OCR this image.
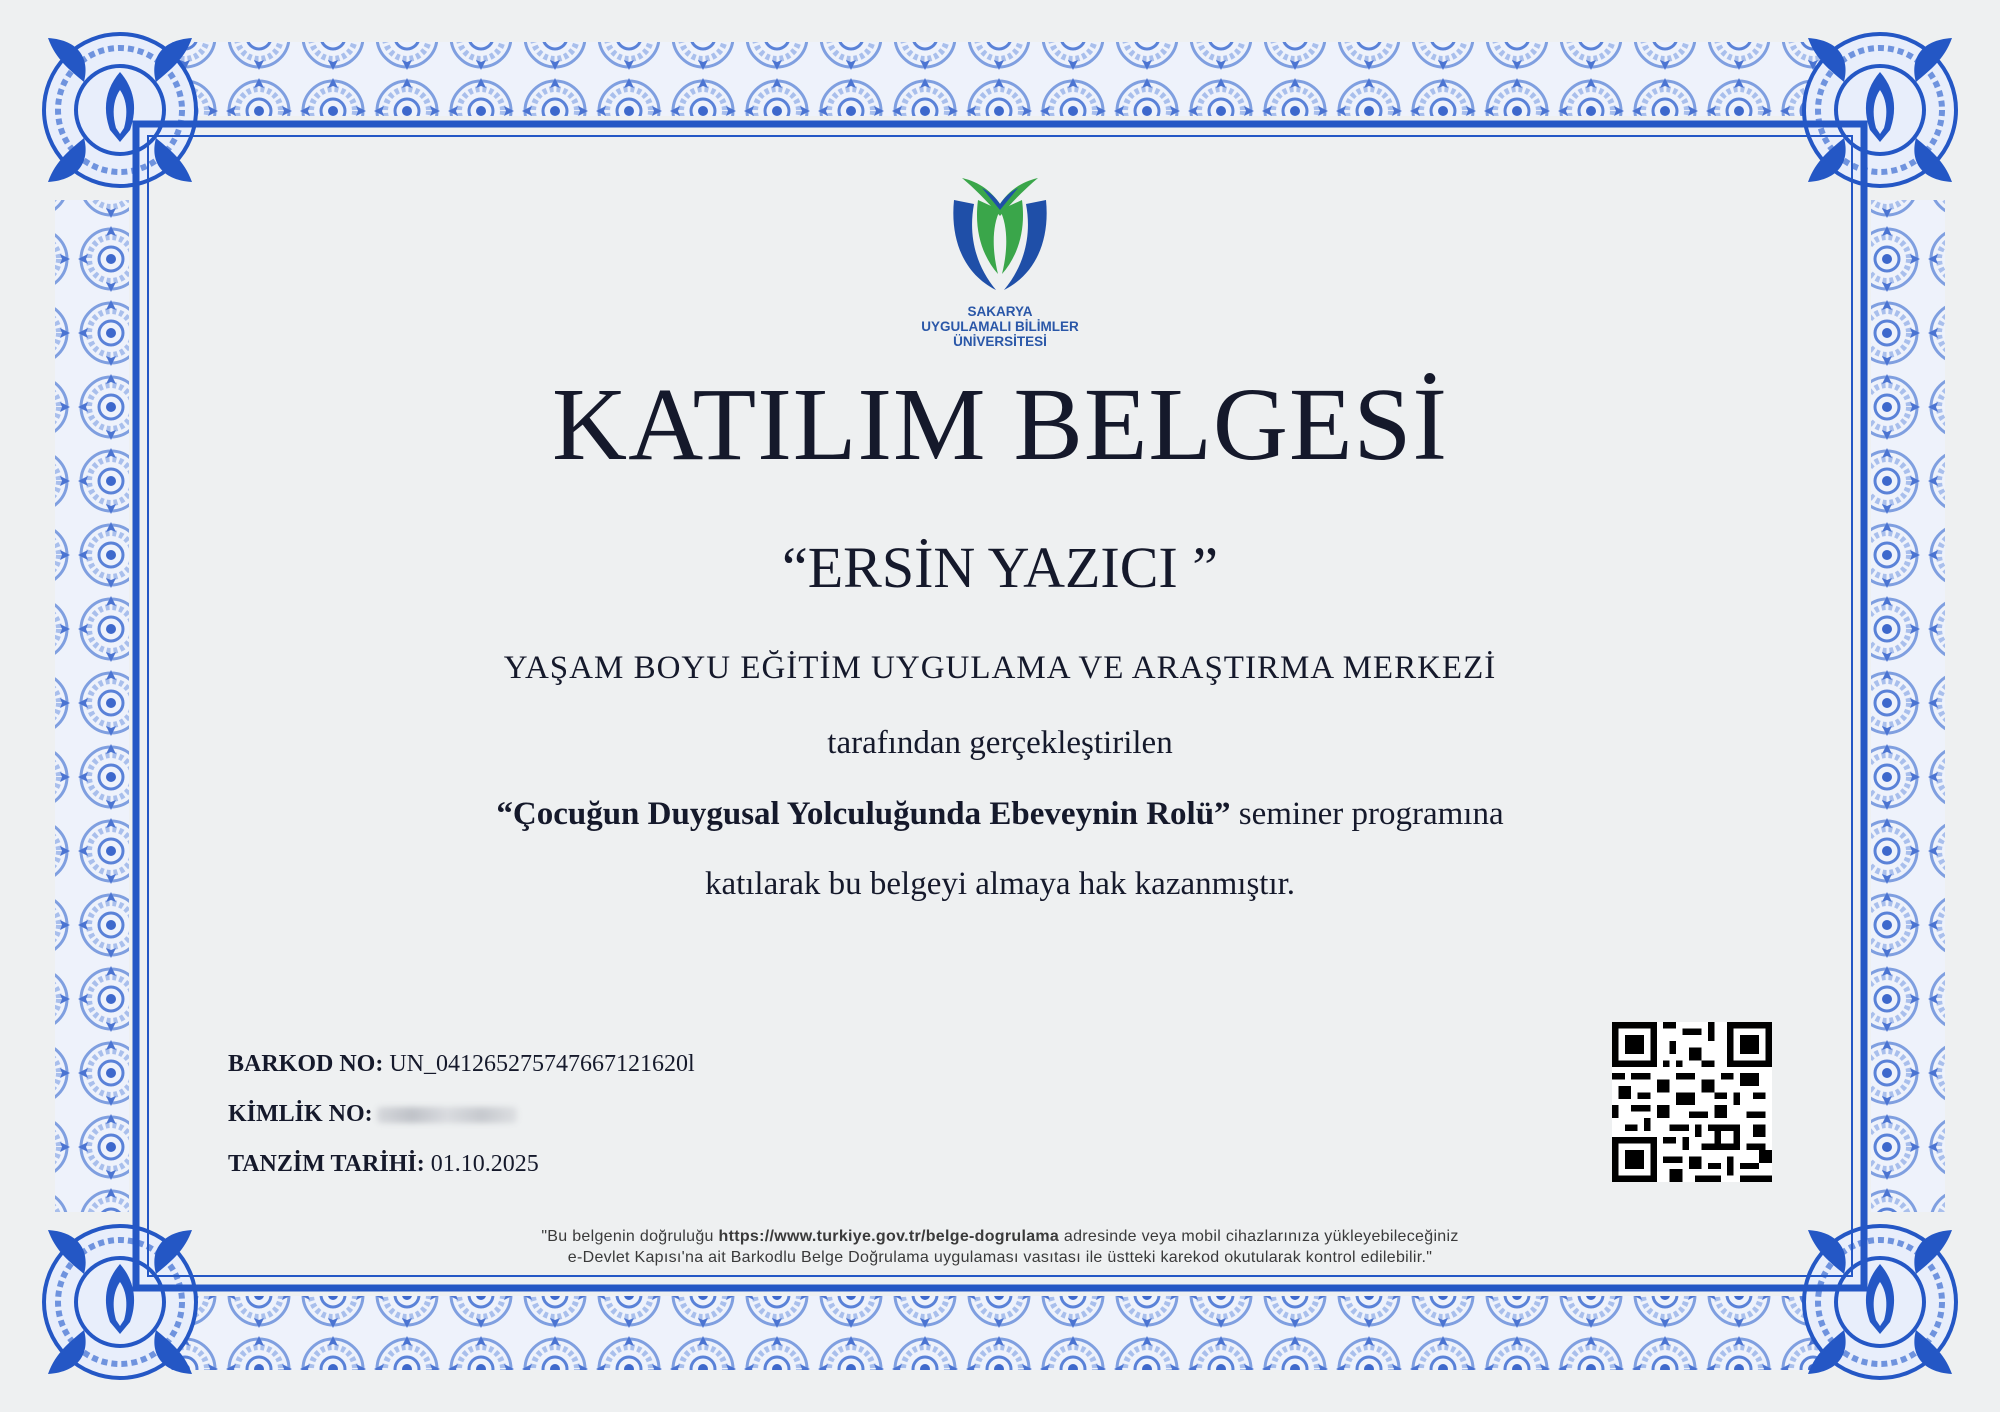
SAKARYA
UYGULAMALI BİLİMLER
ÜNİVERSİTESİ
KATILIM BELGESİ
“ERSİN YAZICI ”
YAŞAM BOYU EĞİTİM UYGULAMA VE ARAŞTIRMA MERKEZİ
tarafından gerçekleştirilen
“Çocuğun Duygusal Yolculuğunda Ebeveynin Rolü” seminer programına
katılarak bu belgeyi almaya hak kazanmıştır.
BARKOD NO: UN_041265275747667121620l
KİMLİK NO:
TANZİM TARİHİ: 01.10.2025
"Bu belgenin doğruluğu https://www.turkiye.gov.tr/belge-dogrulama adresinde veya mobil cihazlarınıza yükleyebileceğiniz
e-Devlet Kapısı'na ait Barkodlu Belge Doğrulama uygulaması vasıtası ile üstteki karekod okutularak kontrol edilebilir."
